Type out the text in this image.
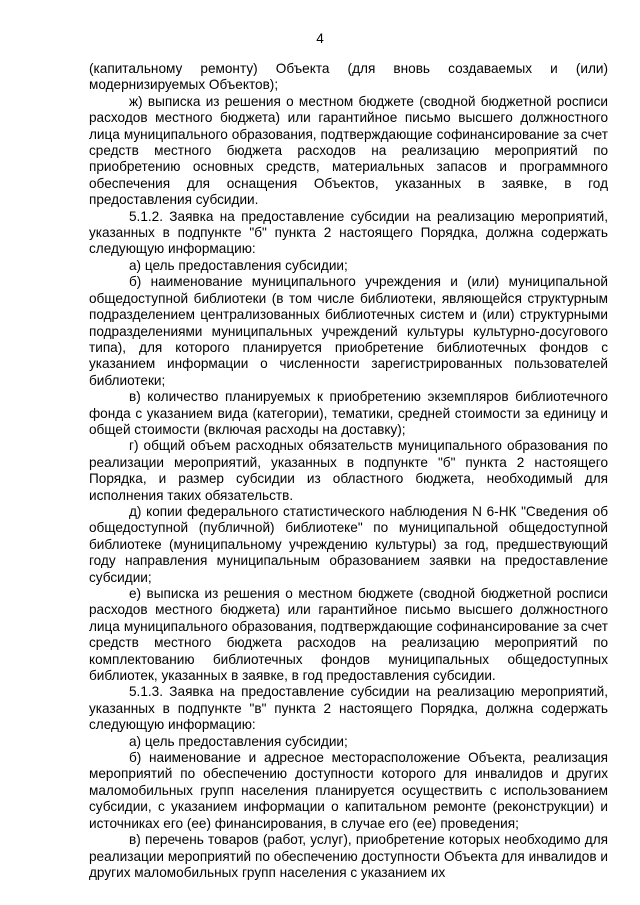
4

(капитальному ремонту) Объекта (для вновь создаваемых и (или) модернизируемых Объектов);

ж) выписка из решения о местном бюджете (сводной бюджетной росписи расходов местного бюджета) или гарантийное письмо высшего должностного лица муниципального образования, подтверждающие софинансирование за счет средств местного бюджета расходов на реализацию мероприятий по приобретению основных средств, материальных запасов и программного обеспечения для оснащения Объектов, указанных в заявке, в год предоставления субсидии.

5.1.2. Заявка на предоставление субсидии на реализацию мероприятий, указанных в подпункте "б" пункта 2 настоящего Порядка, должна содержать следующую информацию:

а) цель предоставления субсидии;

б) наименование муниципального учреждения и (или) муниципальной общедоступной библиотеки (в том числе библиотеки, являющейся структурным подразделением централизованных библиотечных систем и (или) структурными подразделениями муниципальных учреждений культуры культурно-досугового типа), для которого планируется приобретение библиотечных фондов с указанием информации о численности зарегистрированных пользователей библиотеки;

в) количество планируемых к приобретению экземпляров библиотечного фонда с указанием вида (категории), тематики, средней стоимости за единицу и общей стоимости (включая расходы на доставку);

г) общий объем расходных обязательств муниципального образования по реализации мероприятий, указанных в подпункте "б" пункта 2 настоящего Порядка, и размер субсидии из областного бюджета, необходимый для исполнения таких обязательств.

д) копии федерального статистического наблюдения N 6-НК "Сведения об общедоступной (публичной) библиотеке" по муниципальной общедоступной библиотеке (муниципальному учреждению культуры) за год, предшествующий году направления муниципальным образованием заявки на предоставление субсидии;

е) выписка из решения о местном бюджете (сводной бюджетной росписи расходов местного бюджета) или гарантийное письмо высшего должностного лица муниципального образования, подтверждающие софинансирование за счет средств местного бюджета расходов на реализацию мероприятий по комплектованию библиотечных фондов муниципальных общедоступных библиотек, указанных в заявке, в год предоставления субсидии.

5.1.3. Заявка на предоставление субсидии на реализацию мероприятий, указанных в подпункте "в" пункта 2 настоящего Порядка, должна содержать следующую информацию:

а) цель предоставления субсидии;

б) наименование и адресное месторасположение Объекта, реализация мероприятий по обеспечению доступности которого для инвалидов и других маломобильных групп населения планируется осуществить с использованием субсидии, с указанием информации о капитальном ремонте (реконструкции) и источниках его (ее) финансирования, в случае его (ее) проведения;

в) перечень товаров (работ, услуг), приобретение которых необходимо для реализации мероприятий по обеспечению доступности Объекта для инвалидов и других маломобильных групп населения с указанием их
